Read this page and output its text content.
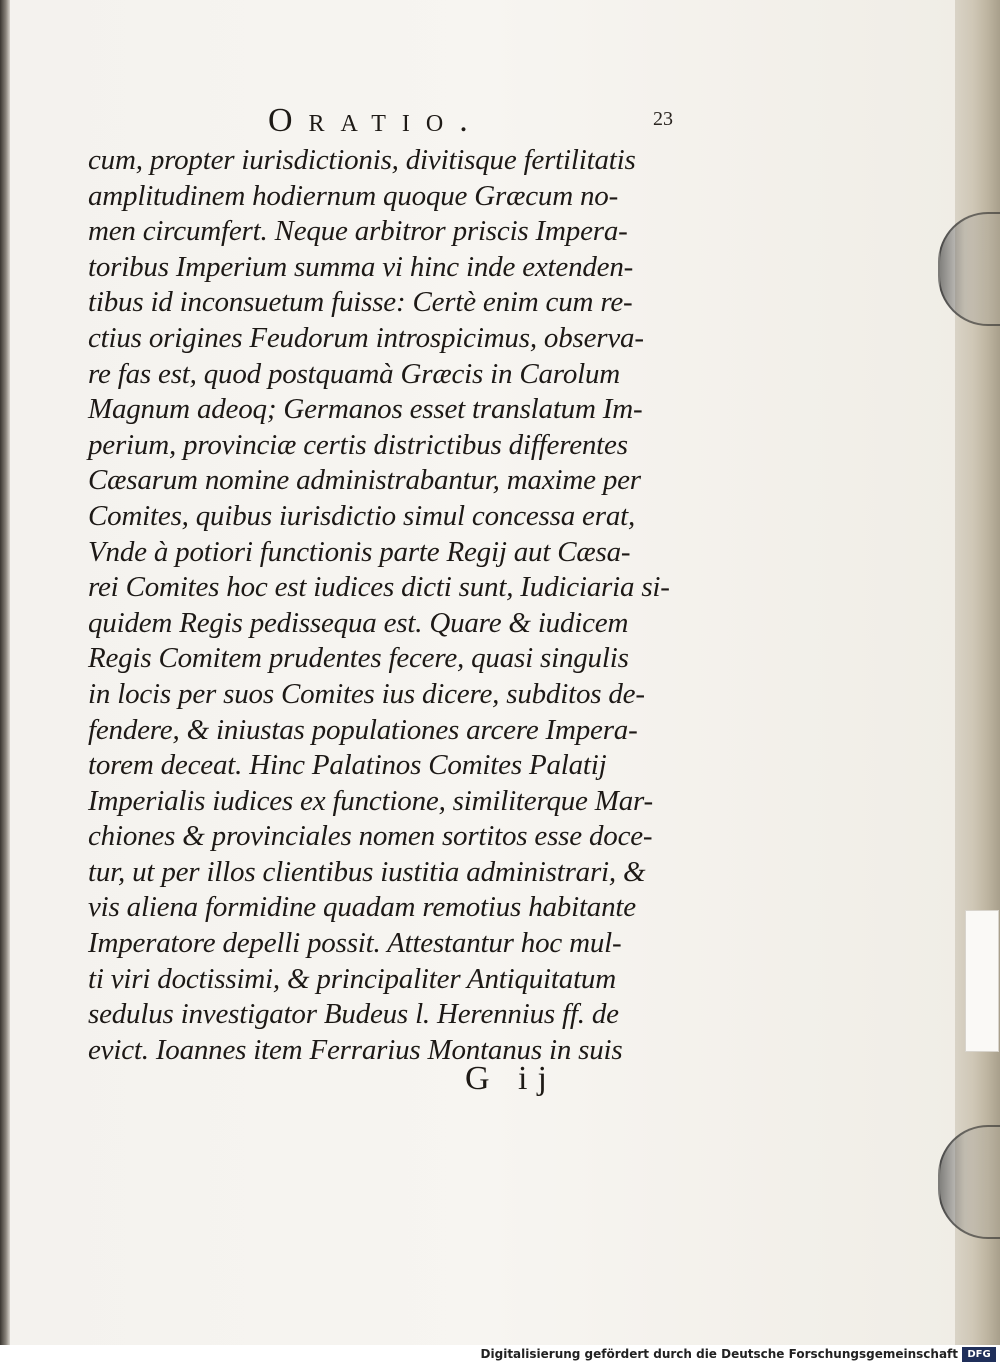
Oratio.	23
cum, propter iurisdictionis, divitisque fertilitatis
amplitudinem hodiernum quoque Græcum no-
men circumfert. Neque arbitror priscis Impera-
toribus Imperium summa vi hinc inde extenden-
tibus id inconsuetum fuisse: Certè enim cum re-
ctius origines Feudorum introspicimus, observa-
re fas est, quod postquamà Græcis in Carolum
Magnum adeoq; Germanos esset translatum Im-
perium, provinciæ certis districtibus differentes
Cæsarum nomine administrabantur, maxime per
Comites, quibus iurisdictio simul concessa erat,
Vnde à potiori functionis parte Regij aut Cæsa-
rei Comites hoc est iudices dicti sunt, Iudiciaria si-
quidem Regis pedissequa est. Quare & iudicem
Regis Comitem prudentes fecere, quasi singulis
in locis per suos Comites ius dicere, subditos de-
fendere, & iniustas populationes arcere Impera-
torem deceat. Hinc Palatinos Comites Palatij
Imperialis iudices ex functione, similiterque Mar-
chiones & provinciales nomen sortitos esse doce-
tur, ut per illos clientibus iustitia administrari, &
vis aliena formidine quadam remotius habitante
Imperatore depelli possit. Attestantur hoc mul-
ti viri doctissimi, & principaliter Antiquitatum
sedulus investigator Budeus l. Herennius ff. de
evict. Ioannes item Ferrarius Montanus in suis
G ij
Digitalisierung gefördert durch die Deutsche Forschungsgemeinschaft DFG
